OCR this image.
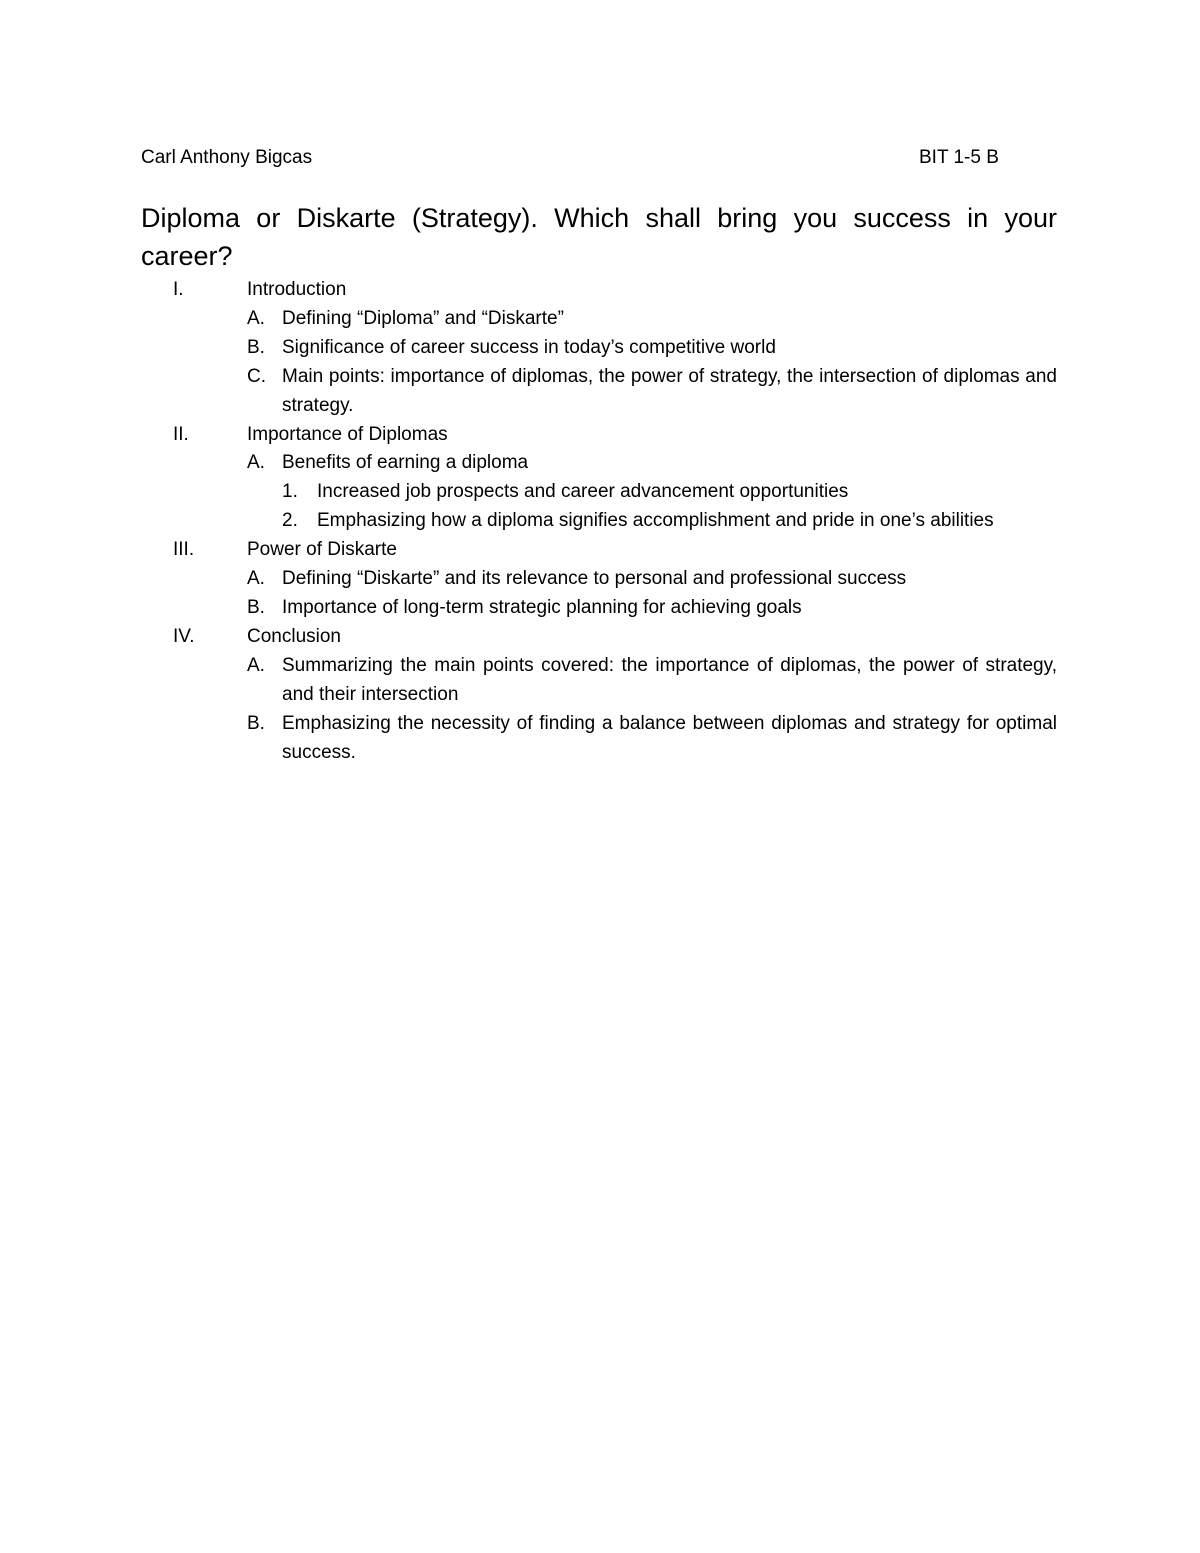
Carl Anthony Bigcas	BIT 1-5 B
Diploma or Diskarte (Strategy). Which shall bring you success in your career?
I.	Introduction
A. Defining “Diploma” and “Diskarte”
B. Significance of career success in today’s competitive world
C. Main points: importance of diplomas, the power of strategy, the intersection of diplomas and strategy.
II.	Importance of Diplomas
A. Benefits of earning a diploma
1.	Increased job prospects and career advancement opportunities
2.	Emphasizing how a diploma signifies accomplishment and pride in one’s abilities
III.	Power of Diskarte
A. Defining “Diskarte” and its relevance to personal and professional success
B. Importance of long-term strategic planning for achieving goals
IV.	Conclusion
A. Summarizing the main points covered: the importance of diplomas, the power of strategy, and their intersection
B. Emphasizing the necessity of finding a balance between diplomas and strategy for optimal success.
